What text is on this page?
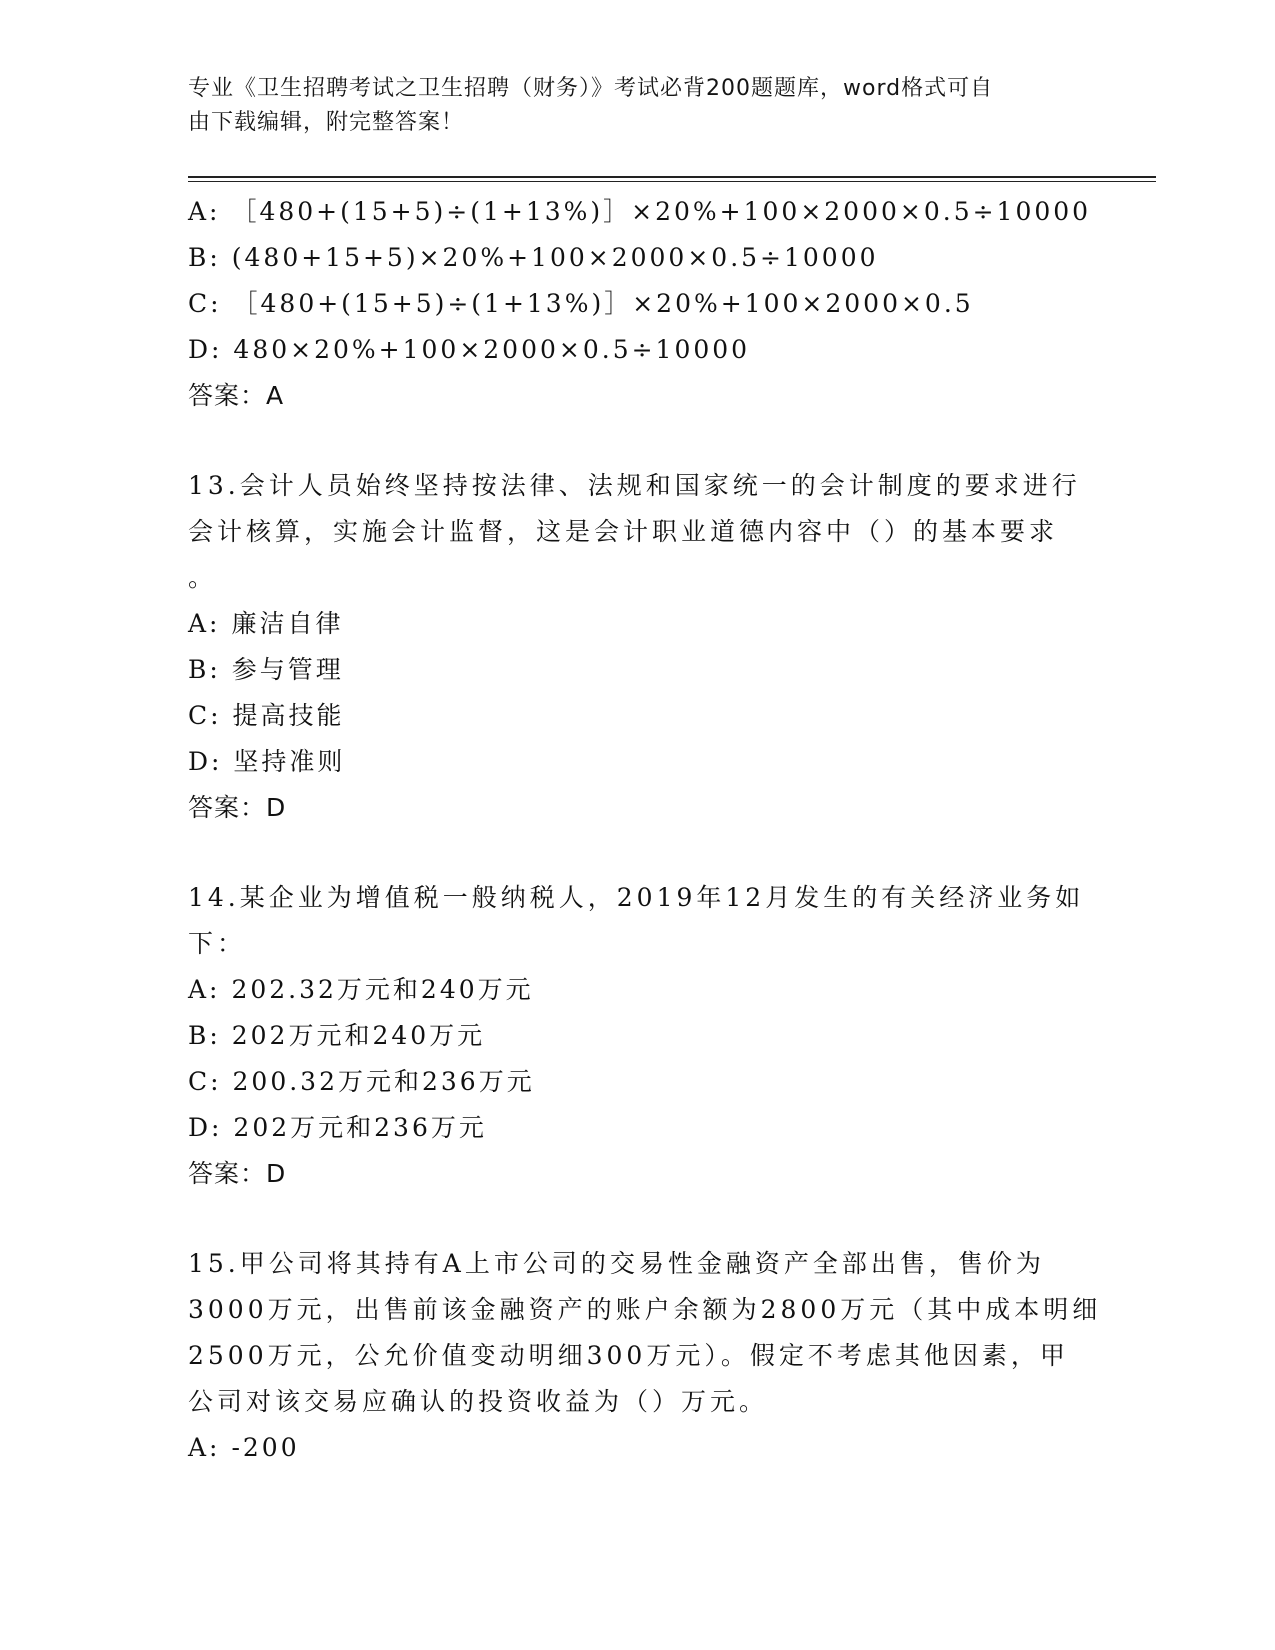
专业《卫生招聘考试之卫生招聘（财务）》考试必背200题题库，word格式可自
由下载编辑，附完整答案！
A: ［480+(15+5)÷(1+13%)］×20%+100×2000×0.5÷10000
B: (480+15+5)×20%+100×2000×0.5÷10000
C: ［480+(15+5)÷(1+13%)］×20%+100×2000×0.5
D: 480×20%+100×2000×0.5÷10000
答案：A
13.会计人员始终坚持按法律、法规和国家统一的会计制度的要求进行
会计核算，实施会计监督，这是会计职业道德内容中（）的基本要求
。
A: 廉洁自律
B: 参与管理
C: 提高技能
D: 坚持准则
答案：D
14.某企业为增值税一般纳税人，2019年12月发生的有关经济业务如
下：
A: 202.32万元和240万元
B: 202万元和240万元
C: 200.32万元和236万元
D: 202万元和236万元
答案：D
15.甲公司将其持有A上市公司的交易性金融资产全部出售，售价为
3000万元，出售前该金融资产的账户余额为2800万元（其中成本明细
2500万元，公允价值变动明细300万元）。假定不考虑其他因素，甲
公司对该交易应确认的投资收益为（）万元。
A: -200
